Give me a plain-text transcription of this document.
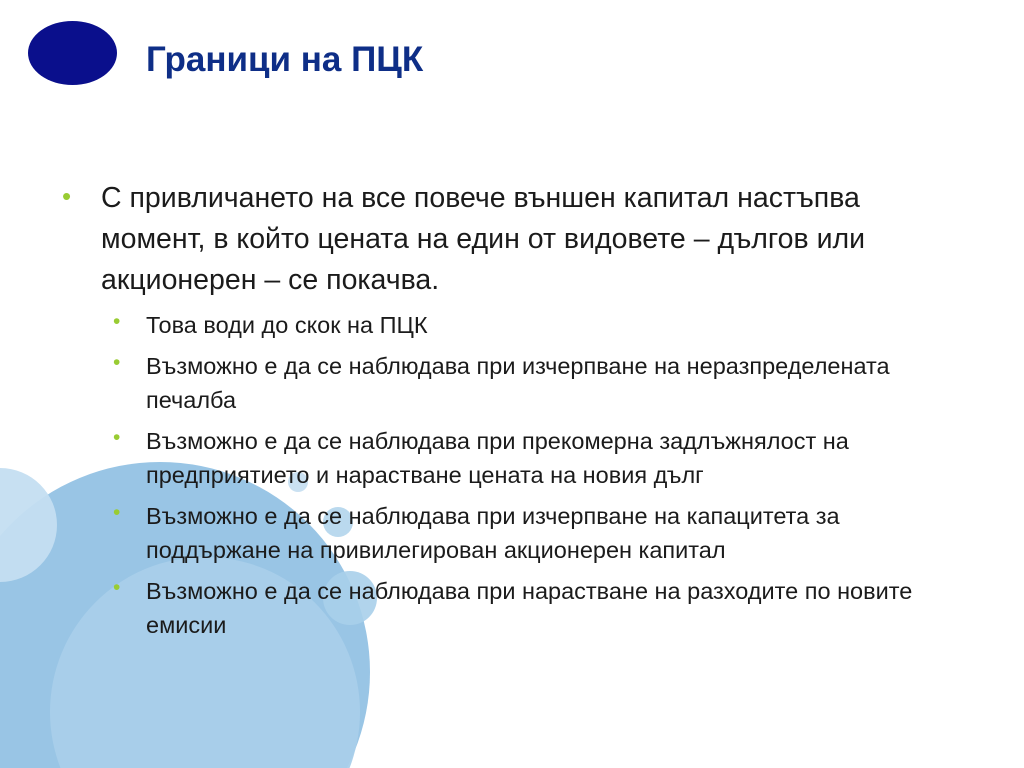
Граници на ПЦК
• С привличането на все повече външен капитал настъпва момент, в който цената на един от видовете – дългов или акционерен – се покачва.
• Това води до скок на ПЦК
• Възможно е да се наблюдава при изчерпване на неразпределената печалба
• Възможно е да се наблюдава при прекомерна задлъжнялост на предприятието и нарастване цената на новия дълг
• Възможно е да се наблюдава при изчерпване на капацитета за поддържане на привилегирован акционерен капитал
• Възможно е да се наблюдава при нарастване на разходите по новите емисии
